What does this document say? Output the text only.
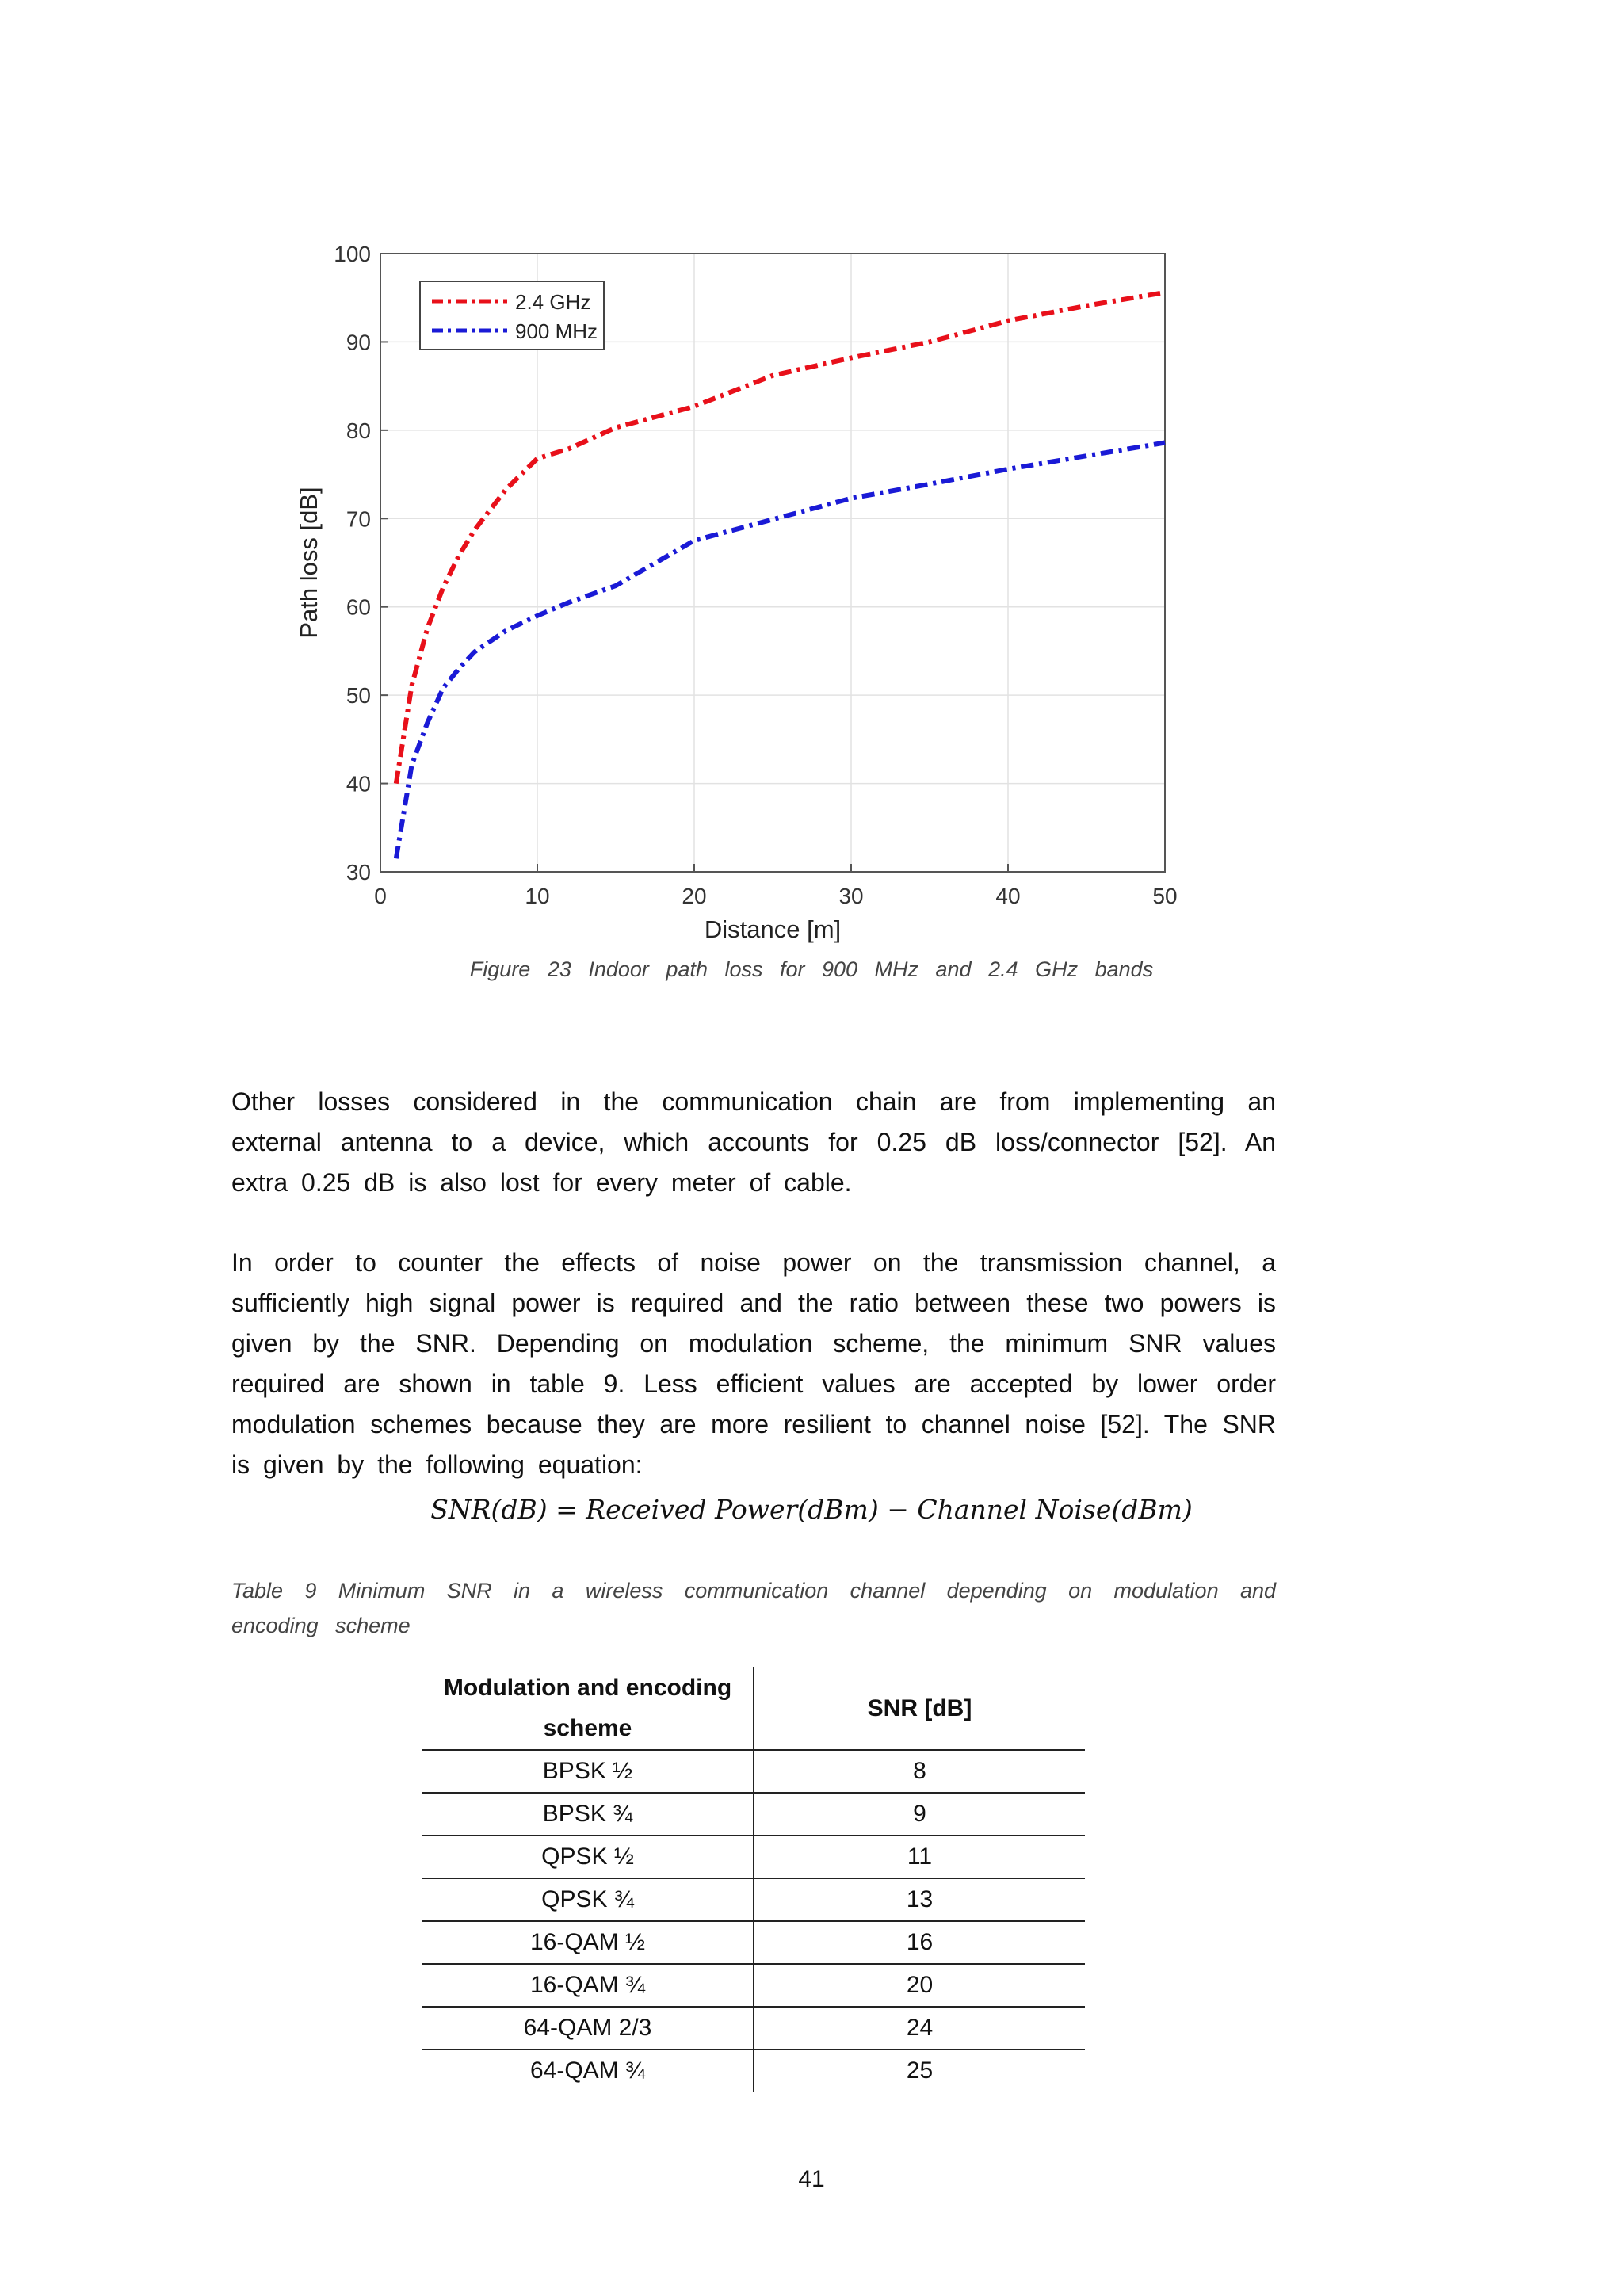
0	10	20	30	40	50
30
40
50
60
70
80
90
100
Distance [m]
Path loss [dB]
2.4 GHz
900 MHz
Figure 23 Indoor path loss for 900 MHz and 2.4 GHz bands

Other losses considered in the communication chain are from implementing an external antenna to a device, which accounts for 0.25 dB loss/connector [52]. An extra 0.25 dB is also lost for every meter of cable.

In order to counter the effects of noise power on the transmission channel, a sufficiently high signal power is required and the ratio between these two powers is given by the SNR. Depending on modulation scheme, the minimum SNR values required are shown in table 9. Less efficient values are accepted by lower order modulation schemes because they are more resilient to channel noise [52]. The SNR is given by the following equation:

SNR(dB) = Received Power(dBm) − Channel Noise(dBm)
Table 9 Minimum SNR in a wireless communication channel depending on modulation and encoding scheme
Modulation and encoding scheme	SNR [dB]
BPSK ½	8
BPSK ¾	9
QPSK ½	11
QPSK ¾	13
16-QAM ½	16
16-QAM ¾	20
64-QAM 2/3	24
64-QAM ¾	25
41
